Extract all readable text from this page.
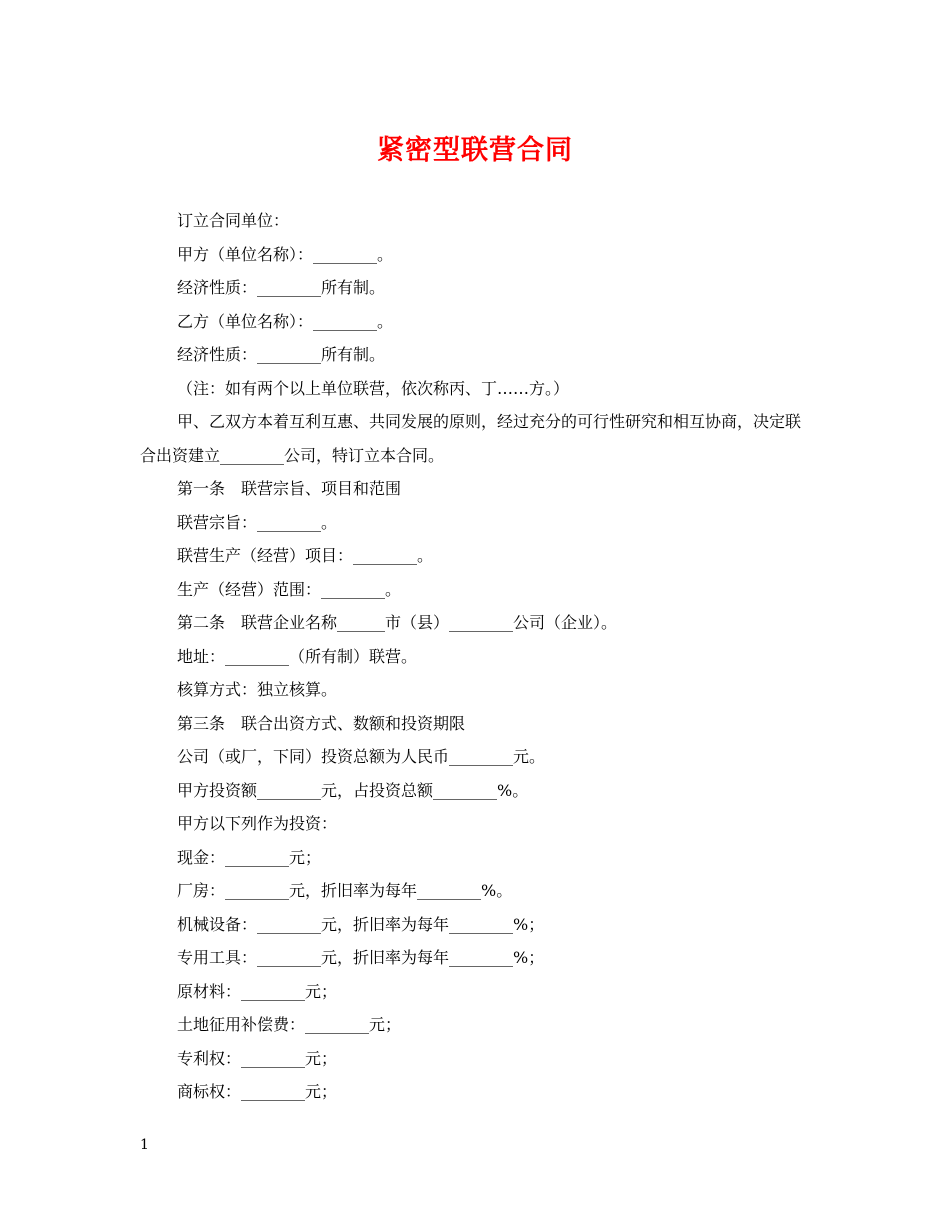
紧密型联营合同

订立合同单位：

甲方（单位名称）：________。

经济性质：________所有制。

乙方（单位名称）：________。

经济性质：________所有制。

（注：如有两个以上单位联营，依次称丙、丁……方。）

甲、乙双方本着互利互惠、共同发展的原则，经过充分的可行性研究和相互协商，决定联合出资建立________公司，特订立本合同。

第一条　联营宗旨、项目和范围

联营宗旨：________。

联营生产（经营）项目：________。

生产（经营）范围：________。

第二条　联营企业名称______市（县）________公司（企业）。

地址：________（所有制）联营。

核算方式：独立核算。

第三条　联合出资方式、数额和投资期限

公司（或厂，下同）投资总额为人民币________元。

甲方投资额________元，占投资总额________%。

甲方以下列作为投资：

现金：________元；

厂房：________元，折旧率为每年________%。

机械设备：________元，折旧率为每年________%；

专用工具：________元，折旧率为每年________%；

原材料：________元；

土地征用补偿费：________元；

专利权：________元；

商标权：________元；

1
